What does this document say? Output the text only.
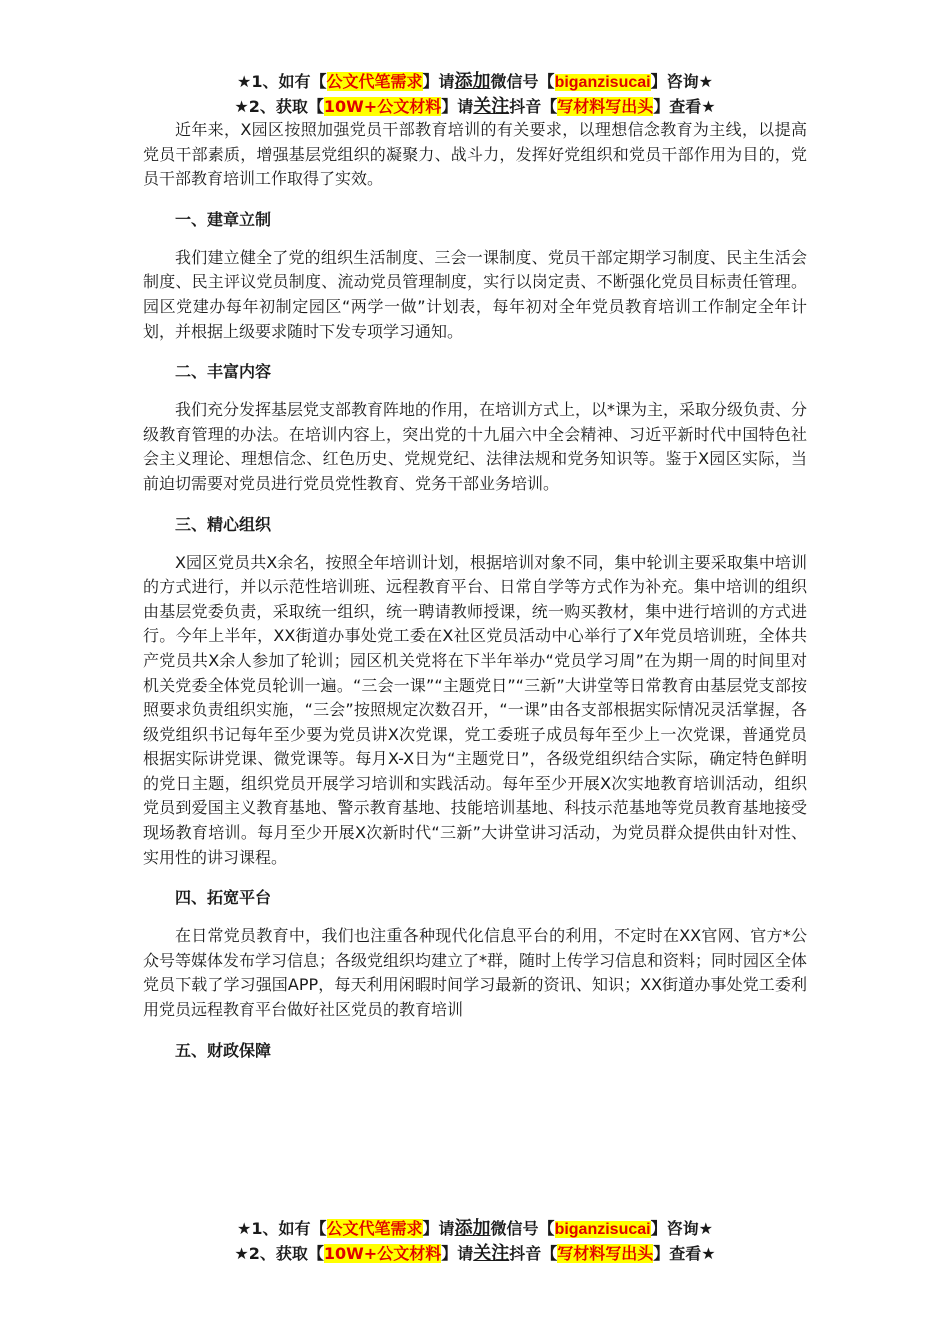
★1、如有【公文代笔需求】请添加微信号【biganzisucai】咨询★
★2、获取【10W+公文材料】请关注抖音【写材料写出头】查看★

近年来，X园区按照加强党员干部教育培训的有关要求，以理想信念教育为主线，以提高党员干部素质，增强基层党组织的凝聚力、战斗力，发挥好党组织和党员干部作用为目的，党员干部教育培训工作取得了实效。

一、建章立制

我们建立健全了党的组织生活制度、三会一课制度、党员干部定期学习制度、民主生活会制度、民主评议党员制度、流动党员管理制度，实行以岗定责、不断强化党员目标责任管理。园区党建办每年初制定园区“两学一做”计划表，每年初对全年党员教育培训工作制定全年计划，并根据上级要求随时下发专项学习通知。

二、丰富内容

我们充分发挥基层党支部教育阵地的作用，在培训方式上，以*课为主，采取分级负责、分级教育管理的办法。在培训内容上，突出党的十九届六中全会精神、习近平新时代中国特色社会主义理论、理想信念、红色历史、党规党纪、法律法规和党务知识等。鉴于X园区实际，当前迫切需要对党员进行党员党性教育、党务干部业务培训。

三、精心组织

X园区党员共X余名，按照全年培训计划，根据培训对象不同，集中轮训主要采取集中培训的方式进行，并以示范性培训班、远程教育平台、日常自学等方式作为补充。集中培训的组织由基层党委负责，采取统一组织，统一聘请教师授课，统一购买教材，集中进行培训的方式进行。今年上半年，XX街道办事处党工委在X社区党员活动中心举行了X年党员培训班，全体共产党员共X余人参加了轮训；园区机关党将在下半年举办“党员学习周”在为期一周的时间里对机关党委全体党员轮训一遍。“三会一课”“主题党日”“三新”大讲堂等日常教育由基层党支部按照要求负责组织实施，“三会”按照规定次数召开，“一课”由各支部根据实际情况灵活掌握，各级党组织书记每年至少要为党员讲X次党课，党工委班子成员每年至少上一次党课，普通党员根据实际讲党课、微党课等。每月X-X日为“主题党日”，各级党组织结合实际，确定特色鲜明的党日主题，组织党员开展学习培训和实践活动。每年至少开展X次实地教育培训活动，组织党员到爱国主义教育基地、警示教育基地、技能培训基地、科技示范基地等党员教育基地接受现场教育培训。每月至少开展X次新时代“三新”大讲堂讲习活动，为党员群众提供由针对性、实用性的讲习课程。

四、拓宽平台

在日常党员教育中，我们也注重各种现代化信息平台的利用，不定时在XX官网、官方*公众号等媒体发布学习信息；各级党组织均建立了*群，随时上传学习信息和资料；同时园区全体党员下载了学习强国APP，每天利用闲暇时间学习最新的资讯、知识；XX街道办事处党工委利用党员远程教育平台做好社区党员的教育培训

五、财政保障

★1、如有【公文代笔需求】请添加微信号【biganzisucai】咨询★
★2、获取【10W+公文材料】请关注抖音【写材料写出头】查看★
